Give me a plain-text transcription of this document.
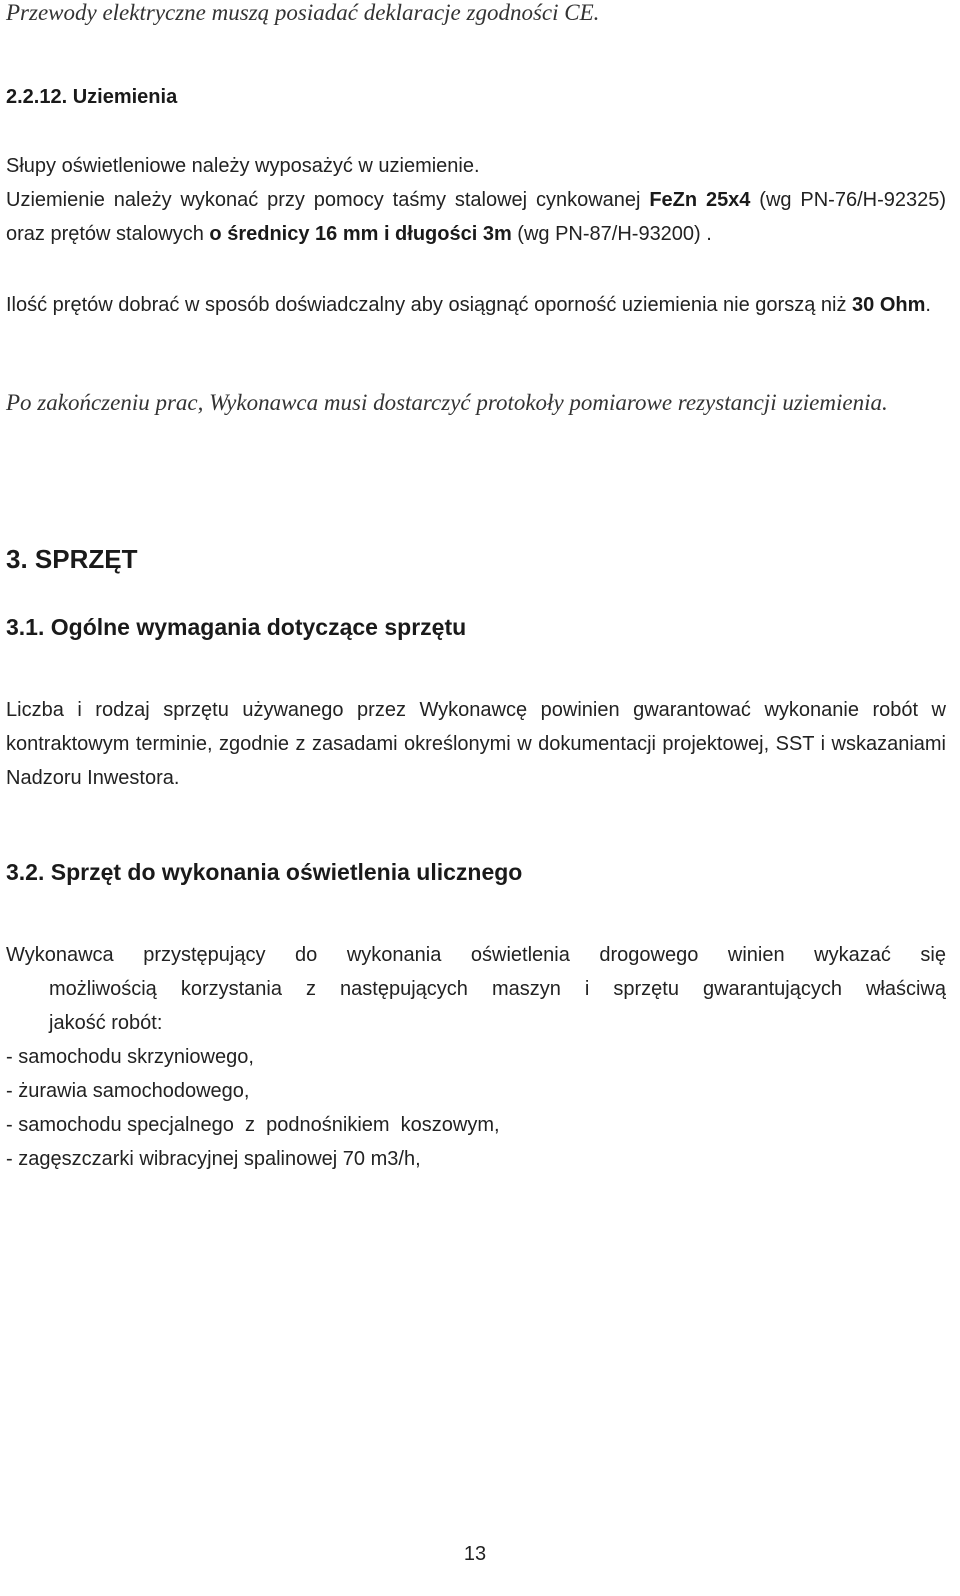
Przewody elektryczne muszą posiadać deklaracje zgodności CE.

2.2.12. Uziemienia

Słupy oświetleniowe należy wyposażyć w uziemienie.

Uziemienie należy wykonać przy pomocy taśmy stalowej cynkowanej FeZn 25x4 (wg PN-76/H-92325) oraz prętów stalowych o średnicy 16 mm i długości 3m (wg PN-87/H-93200) .

Ilość prętów dobrać w sposób doświadczalny aby osiągnąć oporność uziemienia nie gorszą niż 30 Ohm.

Po zakończeniu prac, Wykonawca musi dostarczyć protokoły pomiarowe rezystancji uziemienia.

3. SPRZĘT

3.1. Ogólne wymagania dotyczące sprzętu

Liczba i rodzaj sprzętu używanego przez Wykonawcę powinien gwarantować wykonanie robót w kontraktowym terminie, zgodnie z zasadami określonymi w dokumentacji projektowej, SST i wskazaniami Nadzoru Inwestora.

3.2. Sprzęt do wykonania oświetlenia ulicznego

Wykonawca przystępujący do wykonania oświetlenia drogowego winien wykazać się
możliwością korzystania z następujących maszyn i sprzętu gwarantujących właściwą
jakość robót:
- samochodu skrzyniowego,
- żurawia samochodowego,
- samochodu specjalnego  z  podnośnikiem  koszowym,
- zagęszczarki wibracyjnej spalinowej 70 m3/h,
13
